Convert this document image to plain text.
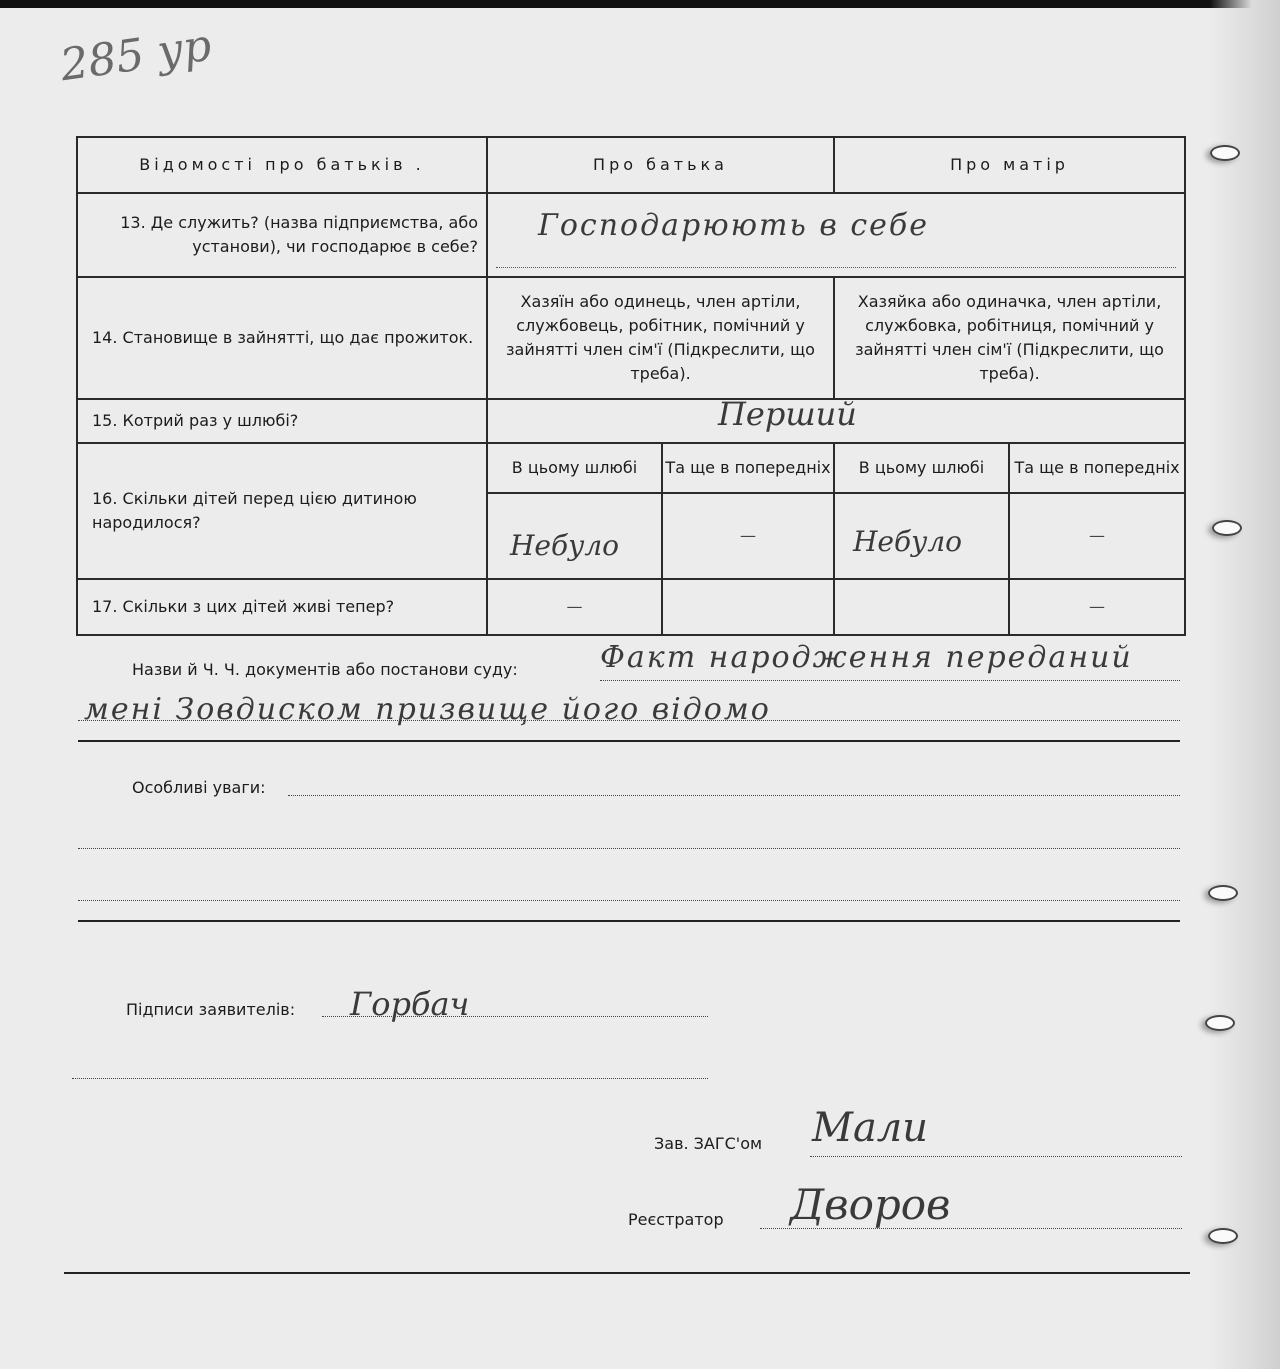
285 ур
Відомості про батьків .	Про батька		Про матір	
13. Де служить? (назва підприємства, або установи), чи господарює в себе?	Господарюють в себе			

14. Становище в зайнятті, що дає прожиток.	Хазяїн або одинець, член артіли, службовець, робітник, помічний у зайнятті член сім'ї (Підкреслити, що треба).		Хазяйка або одиначка, член артіли, службовка, робітниця, помічний у зайнятті член сім'ї (Підкреслити, що треба).	
15. Котрий раз у шлюбі?	Перший			

16. Скільки дітей перед цією дитиною народилося?	В цьому шлюбі	Та ще в попередніх	В цьому шлюбі	Та ще в попередніх

	Небуло	—	Небуло	—
17. Скільки з цих дітей живі тепер?	—			—
Назви й Ч. Ч. документів або постанови суду:	Факт народження переданий
мені Зовдиском призвище його відомо
Особливі уваги:
Підписи заявителів: Горбач
Зав. ЗАГС'ом Мали
Реєстратор Дворов
